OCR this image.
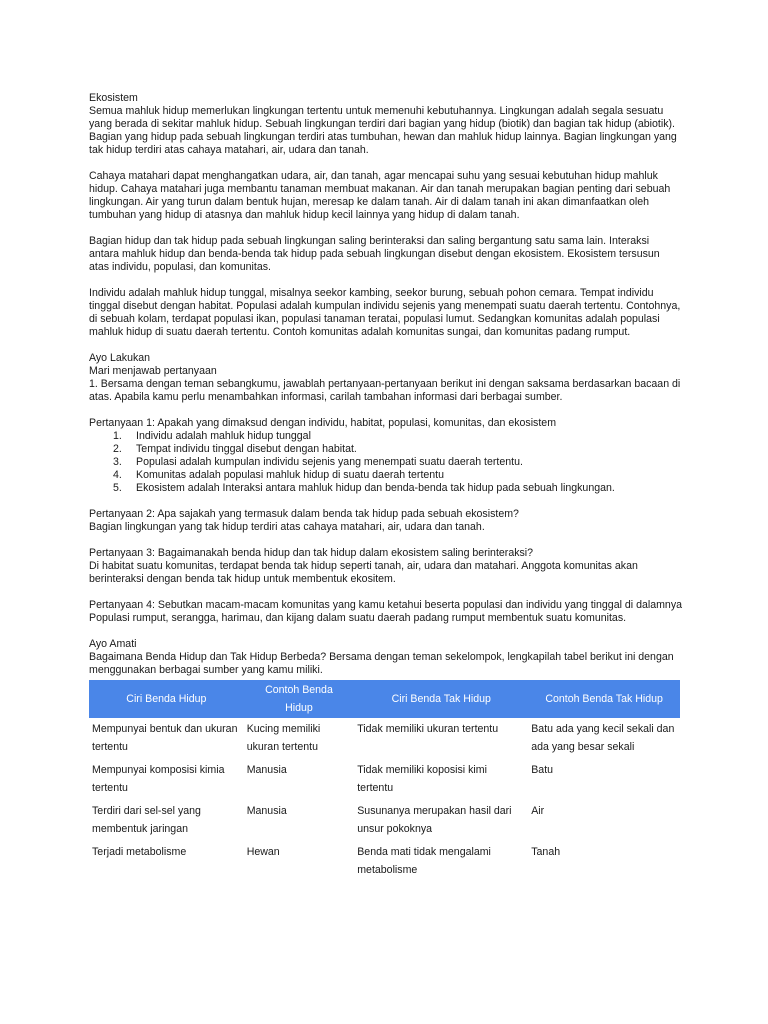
Ekosistem

Semua mahluk hidup memerlukan lingkungan tertentu untuk memenuhi kebutuhannya. Lingkungan adalah segala sesuatu yang berada di sekitar mahluk hidup. Sebuah lingkungan terdiri dari bagian yang hidup (biotik) dan bagian tak hidup (abiotik). Bagian yang hidup pada sebuah lingkungan terdiri atas tumbuhan, hewan dan mahluk hidup lainnya. Bagian lingkungan yang tak hidup terdiri atas cahaya matahari, air, udara dan tanah.

Cahaya matahari dapat menghangatkan udara, air, dan tanah, agar mencapai suhu yang sesuai kebutuhan hidup mahluk hidup. Cahaya matahari juga membantu tanaman membuat makanan. Air dan tanah merupakan bagian penting dari sebuah lingkungan. Air yang turun dalam bentuk hujan, meresap ke dalam tanah. Air di dalam tanah ini akan dimanfaatkan oleh tumbuhan yang hidup di atasnya dan mahluk hidup kecil lainnya yang hidup di dalam tanah.

Bagian hidup dan tak hidup pada sebuah lingkungan saling berinteraksi dan saling bergantung satu sama lain. Interaksi antara mahluk hidup dan benda-benda tak hidup pada sebuah lingkungan disebut dengan ekosistem. Ekosistem tersusun atas individu, populasi, dan komunitas.

Individu adalah mahluk hidup tunggal, misalnya seekor kambing, seekor burung, sebuah pohon cemara. Tempat individu tinggal disebut dengan habitat. Populasi adalah kumpulan individu sejenis yang menempati suatu daerah tertentu. Contohnya, di sebuah kolam, terdapat populasi ikan, populasi tanaman teratai, populasi lumut. Sedangkan komunitas adalah populasi mahluk hidup di suatu daerah tertentu. Contoh komunitas adalah komunitas sungai, dan komunitas padang rumput.

Ayo Lakukan

Mari menjawab pertanyaan

1. Bersama dengan teman sebangkumu, jawablah pertanyaan-pertanyaan berikut ini dengan saksama berdasarkan bacaan di atas. Apabila kamu perlu menambahkan informasi, carilah tambahan informasi dari berbagai sumber.

Pertanyaan 1: Apakah yang dimaksud dengan individu, habitat, populasi, komunitas, dan ekosistem

1.	Individu adalah mahluk hidup tunggal
2.	Tempat individu tinggal disebut dengan habitat.
3.	Populasi adalah kumpulan individu sejenis yang menempati suatu daerah tertentu.
4.	Komunitas adalah populasi mahluk hidup di suatu daerah tertentu
5.	Ekosistem adalah Interaksi antara mahluk hidup dan benda-benda tak hidup pada sebuah lingkungan.

Pertanyaan 2: Apa sajakah yang termasuk dalam benda tak hidup pada sebuah ekosistem?

Bagian lingkungan yang tak hidup terdiri atas cahaya matahari, air, udara dan tanah.

Pertanyaan 3: Bagaimanakah benda hidup dan tak hidup dalam ekosistem saling berinteraksi?

Di habitat suatu komunitas, terdapat benda tak hidup seperti tanah, air, udara dan matahari. Anggota komunitas akan berinteraksi dengan benda tak hidup untuk membentuk ekositem.

Pertanyaan 4: Sebutkan macam-macam komunitas yang kamu ketahui beserta populasi dan individu yang tinggal di dalamnya

Populasi rumput, serangga, harimau, dan kijang dalam suatu daerah padang rumput membentuk suatu komunitas.

Ayo Amati

Bagaimana Benda Hidup dan Tak Hidup Berbeda? Bersama dengan teman sekelompok, lengkapilah tabel berikut ini dengan menggunakan berbagai sumber yang kamu miliki.

Ciri Benda Hidup	Contoh Benda Hidup	Ciri Benda Tak Hidup	Contoh Benda Tak Hidup
Mempunyai bentuk dan ukuran tertentu	Kucing memiliki ukuran tertentu	Tidak memiliki ukuran tertentu	Batu ada yang kecil sekali dan ada yang besar sekali
Mempunyai komposisi kimia tertentu	Manusia	Tidak memiliki koposisi kimi tertentu	Batu
Terdiri dari sel-sel yang membentuk jaringan	Manusia	Susunanya merupakan hasil dari unsur pokoknya	Air
Terjadi metabolisme	Hewan	Benda mati tidak mengalami metabolisme	Tanah
